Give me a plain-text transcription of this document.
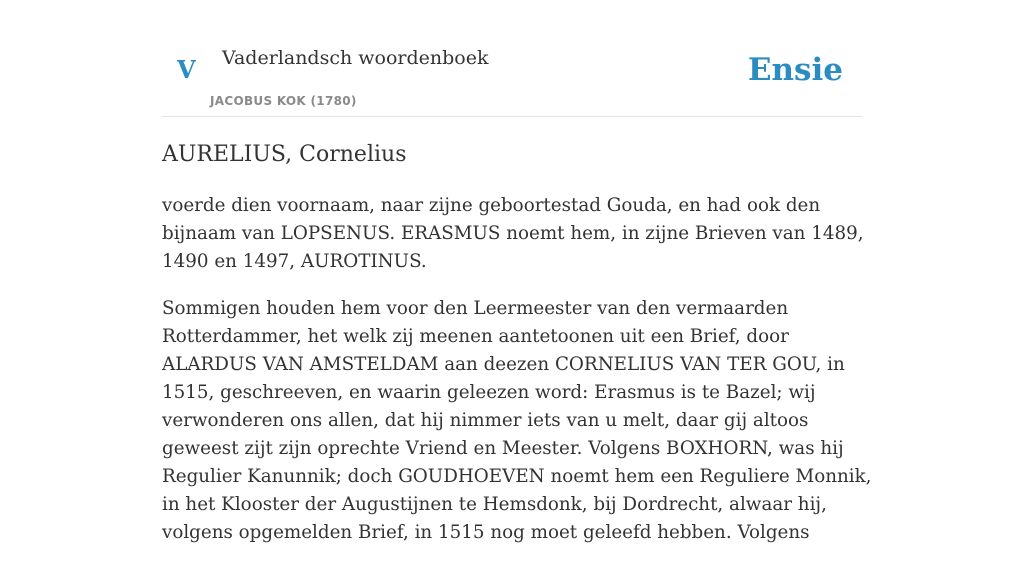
V Vaderlandsch woordenboek
JACOBUS KOK (1780)
Ensie
AURELIUS, Cornelius

voerde dien voornaam, naar zijne geboortestad Gouda, en had ook den bijnaam van LOPSENUS. ERASMUS noemt hem, in zijne Brieven van 1489, 1490 en 1497, AUROTINUS.

Sommigen houden hem voor den Leermeester van den vermaarden Rotterdammer, het welk zij meenen aantetoonen uit een Brief, door ALARDUS VAN AMSTELDAM aan deezen CORNELIUS VAN TER GOU, in 1515, geschreeven, en waarin geleezen word: Erasmus is te Bazel; wij verwonderen ons allen, dat hij nimmer iets van u melt, daar gij altoos geweest zijt zijn oprechte Vriend en Meester. Volgens BOXHORN, was hij Regulier Kanunnik; doch GOUDHOEVEN noemt hem een Reguliere Monnik, in het Klooster der Augustijnen te Hemsdonk, bij Dordrecht, alwaar hij, volgens opgemelden Brief, in 1515 nog moet geleefd hebben. Volgens
